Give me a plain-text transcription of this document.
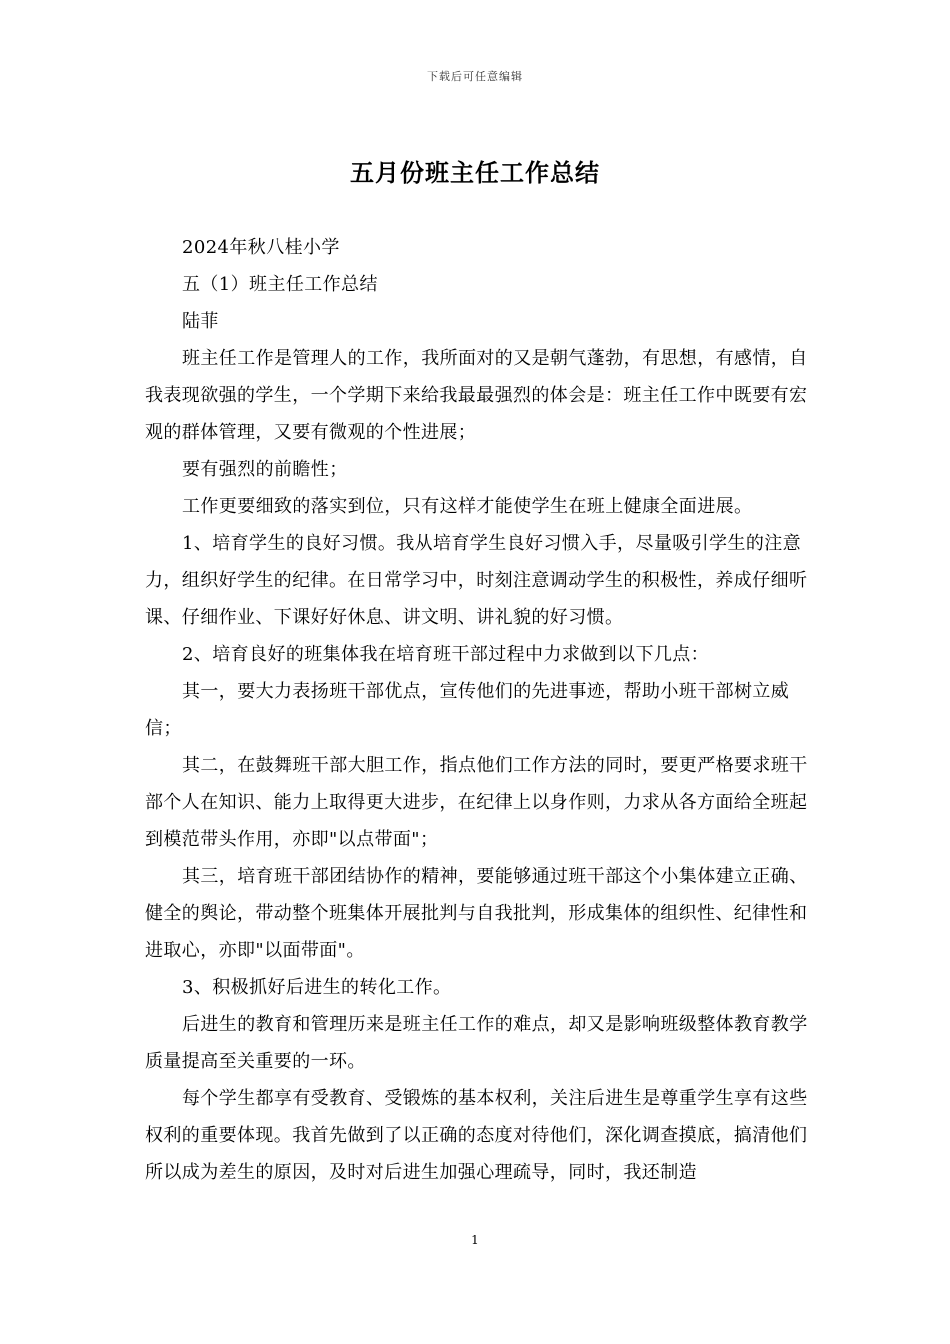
下载后可任意编辑
五月份班主任工作总结

2024年秋八桂小学

五（1）班主任工作总结

陆菲

班主任工作是管理人的工作，我所面对的又是朝气蓬勃，有思想，有感情，自我表现欲强的学生，一个学期下来给我最最强烈的体会是：班主任工作中既要有宏观的群体管理，又要有微观的个性进展；

要有强烈的前瞻性；

工作更要细致的落实到位，只有这样才能使学生在班上健康全面进展。

1、培育学生的良好习惯。我从培育学生良好习惯入手，尽量吸引学生的注意力，组织好学生的纪律。在日常学习中，时刻注意调动学生的积极性，养成仔细听课、仔细作业、下课好好休息、讲文明、讲礼貌的好习惯。

2、培育良好的班集体我在培育班干部过程中力求做到以下几点：

其一，要大力表扬班干部优点，宣传他们的先进事迹，帮助小班干部树立威信；

其二，在鼓舞班干部大胆工作，指点他们工作方法的同时，要更严格要求班干部个人在知识、能力上取得更大进步，在纪律上以身作则，力求从各方面给全班起到模范带头作用，亦即"以点带面"；

其三，培育班干部团结协作的精神，要能够通过班干部这个小集体建立正确、健全的舆论，带动整个班集体开展批判与自我批判，形成集体的组织性、纪律性和进取心，亦即"以面带面"。

3、积极抓好后进生的转化工作。

后进生的教育和管理历来是班主任工作的难点，却又是影响班级整体教育教学质量提高至关重要的一环。

每个学生都享有受教育、受锻炼的基本权利，关注后进生是尊重学生享有这些权利的重要体现。我首先做到了以正确的态度对待他们，深化调查摸底，搞清他们所以成为差生的原因，及时对后进生加强心理疏导，同时，我还制造

1
